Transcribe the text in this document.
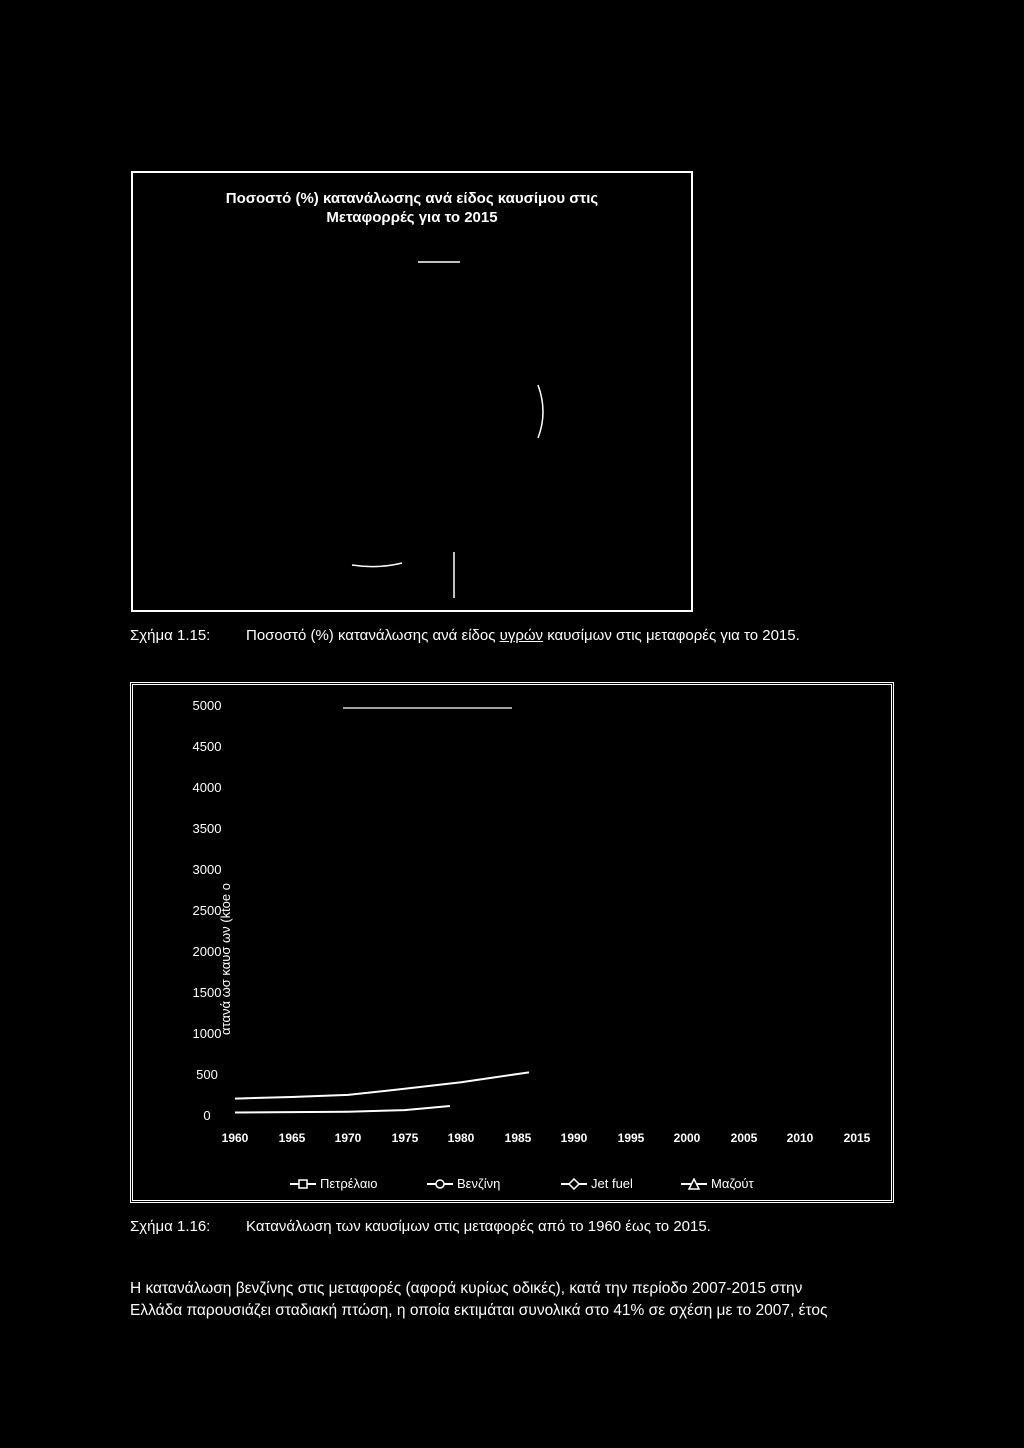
Ποσοστό (%) κατανάλωσης ανά είδος καυσίμου στις
Μεταφορρές για το 2015
Σχήμα 1.15: Ποσοστό (%) κατανάλωσης ανά είδος υγρών καυσίμων στις μεταφορές για το 2015.
ατανά ωσ καυσ ων (ktoe ο
0
500
1000
1500
2000
2500
3000
3500
4000
4500
5000
1960	1965	1970	1975	1980	1985	1990	1995	2000	2005	2010	2015
Πετρέλαιο	Βενζίνη	Jet fuel	Μαζούτ
Σχήμα 1.16: Κατανάλωση των καυσίμων στις μεταφορές από το 1960 έως το 2015.
Η κατανάλωση βενζίνης στις μεταφορές (αφορά κυρίως οδικές), κατά την περίοδο 2007-2015 στην
Ελλάδα παρουσιάζει σταδιακή πτώση, η οποία εκτιμάται συνολικά στο 41% σε σχέση με το 2007, έτος
